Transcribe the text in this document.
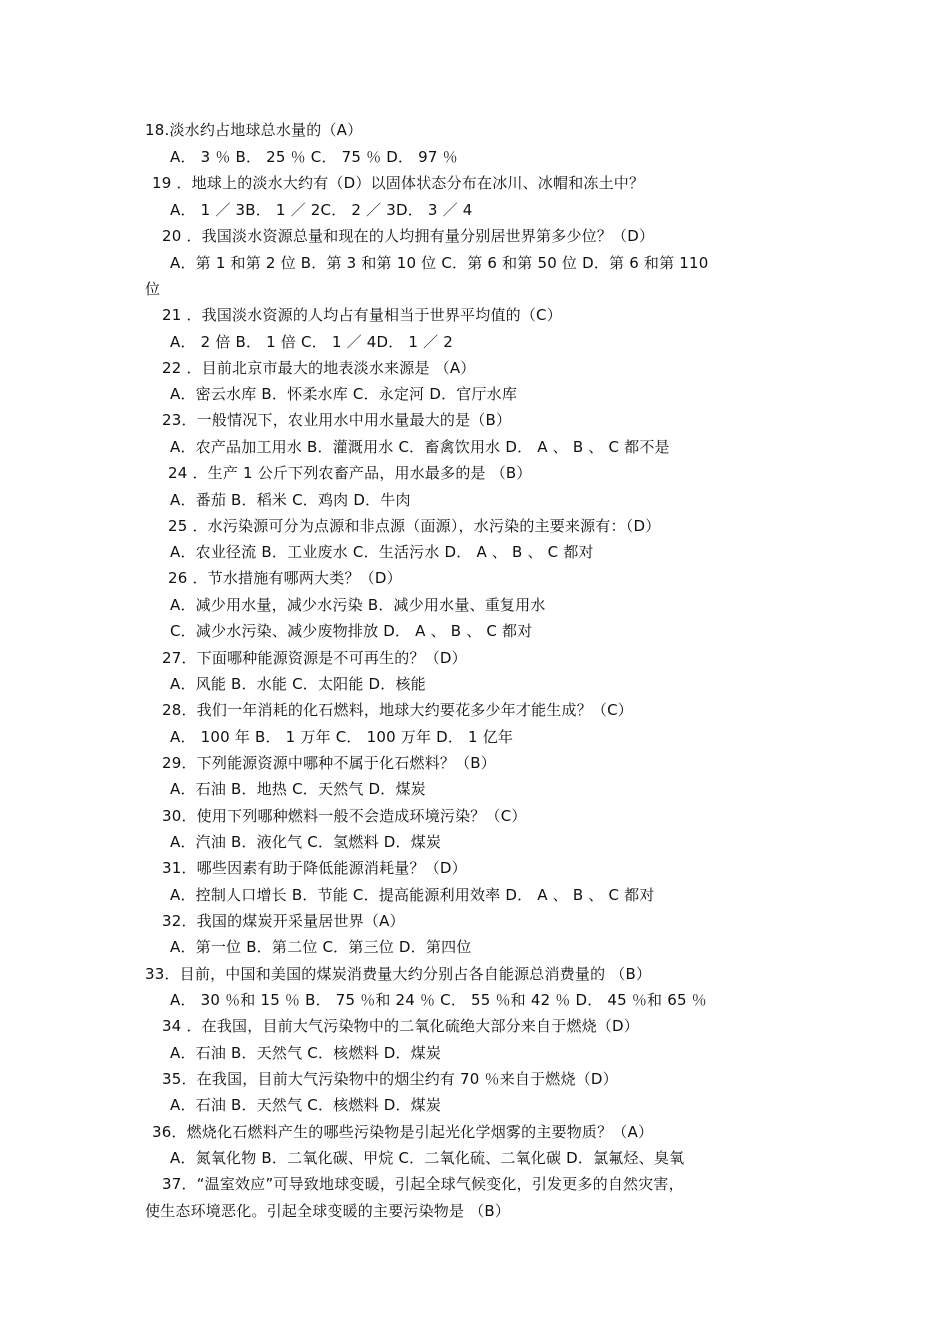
18.淡水约占地球总水量的（A）
A． 3 ％ B． 25 ％ C． 75 ％ D． 97 ％
19 ．地球上的淡水大约有（D）以固体状态分布在冰川、冰帽和冻土中？
A． 1 ／ 3B． 1 ／ 2C． 2 ／ 3D． 3 ／ 4
20 ．我国淡水资源总量和现在的人均拥有量分别居世界第多少位？（D）
A．第 1 和第 2 位 B．第 3 和第 10 位 C．第 6 和第 50 位 D．第 6 和第 110
位
21 ．我国淡水资源的人均占有量相当于世界平均值的（C）
A． 2 倍 B． 1 倍 C． 1 ／ 4D． 1 ／ 2
22 ．目前北京市最大的地表淡水来源是 （A）
A．密云水库 B．怀柔水库 C．永定河 D．官厅水库
23．一般情况下，农业用水中用水量最大的是（B）
A．农产品加工用水 B．灌溉用水 C．畜禽饮用水 D． A 、 B 、 C 都不是
24 ．生产 1 公斤下列农畜产品，用水最多的是 （B）
A．番茄 B．稻米 C．鸡肉 D．牛肉
25 ．水污染源可分为点源和非点源（面源），水污染的主要来源有：（D）
A．农业径流 B．工业废水 C．生活污水 D． A 、 B 、 C 都对
26 ．节水措施有哪两大类？（D）
A．减少用水量，减少水污染 B．减少用水量、重复用水
C．减少水污染、减少废物排放 D． A 、 B 、 C 都对
27．下面哪种能源资源是不可再生的？（D）
A．风能 B．水能 C．太阳能 D．核能
28．我们一年消耗的化石燃料，地球大约要花多少年才能生成？（C）
A． 100 年 B． 1 万年 C． 100 万年 D． 1 亿年
29．下列能源资源中哪种不属于化石燃料？（B）
A．石油 B．地热 C．天然气 D．煤炭
30．使用下列哪种燃料一般不会造成环境污染？（C）
A．汽油 B．液化气 C．氢燃料 D．煤炭
31．哪些因素有助于降低能源消耗量？（D）
A．控制人口增长 B．节能 C．提高能源利用效率 D． A 、 B 、 C 都对
32．我国的煤炭开采量居世界（A）
A．第一位 B．第二位 C．第三位 D．第四位
33．目前，中国和美国的煤炭消费量大约分别占各自能源总消费量的 （B）
A． 30 ％和 15 ％ B． 75 ％和 24 ％ C． 55 ％和 42 ％ D． 45 ％和 65 ％
34 ．在我国，目前大气污染物中的二氧化硫绝大部分来自于燃烧（D）
A．石油 B．天然气 C．核燃料 D．煤炭
35．在我国，目前大气污染物中的烟尘约有 70 ％来自于燃烧（D）
A．石油 B．天然气 C．核燃料 D．煤炭
36．燃烧化石燃料产生的哪些污染物是引起光化学烟雾的主要物质？（A）
A．氮氧化物 B．二氧化碳、甲烷 C．二氧化硫、二氧化碳 D．氯氟烃、臭氧
37．“温室效应”可导致地球变暖，引起全球气候变化，引发更多的自然灾害，
使生态环境恶化。引起全球变暖的主要污染物是 （B）
